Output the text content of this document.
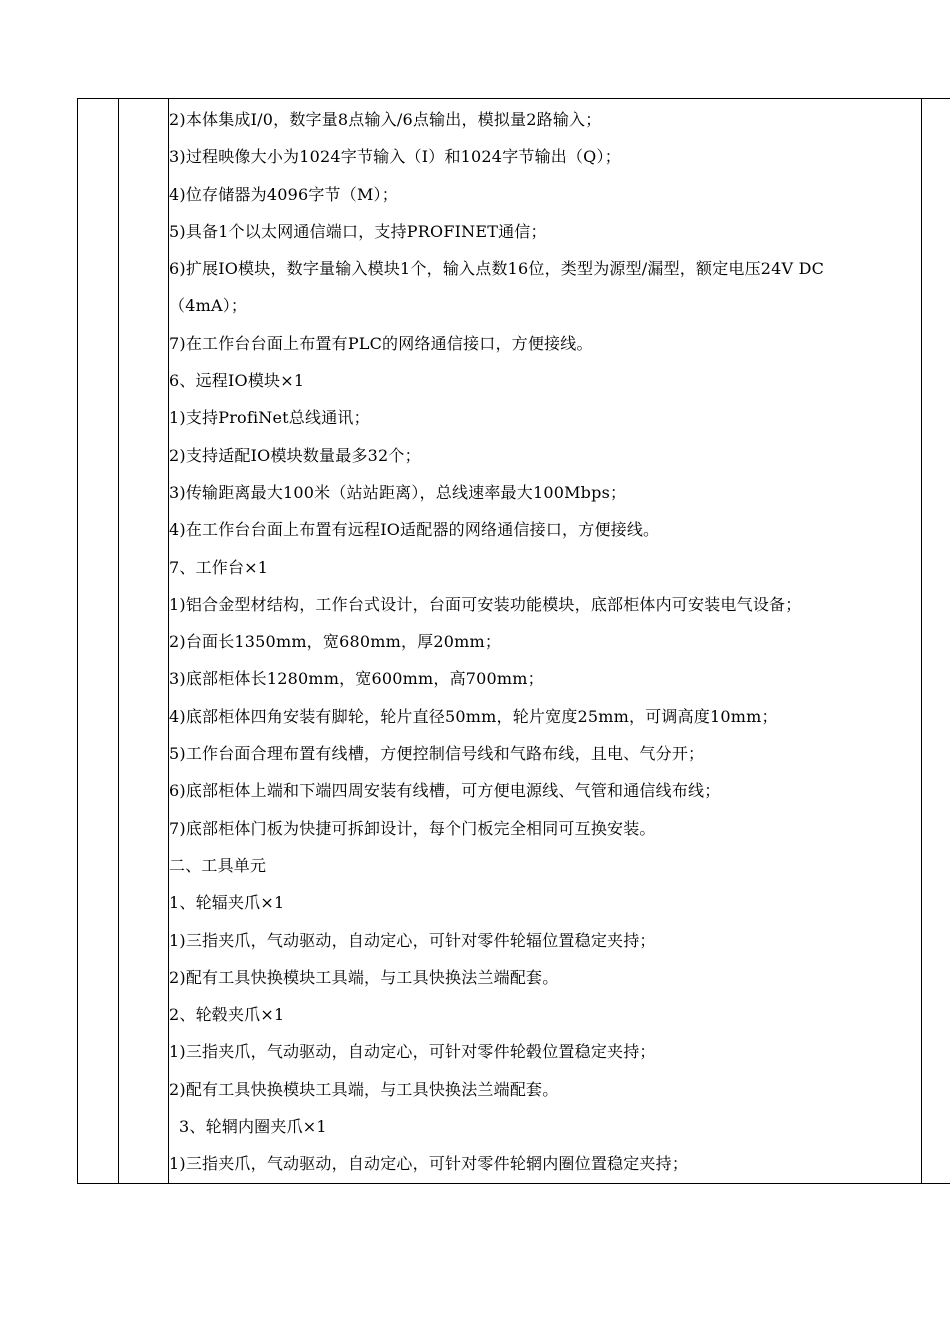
2)本体集成I/0，数字量8点输入/6点输出，模拟量2路输入；
3)过程映像大小为1024字节输入（I）和1024字节输出（Q）；
4)位存储器为4096字节（M）；
5)具备1个以太网通信端口，支持PROFINET通信；
6)扩展IO模块，数字量输入模块1个，输入点数16位，类型为源型/漏型，额定电压24V DC
（4mA）；
7)在工作台台面上布置有PLC的网络通信接口，方便接线。
6、远程IO模块×1
1)支持ProfiNet总线通讯；
2)支持适配IO模块数量最多32个；
3)传输距离最大100米（站站距离），总线速率最大100Mbps；
4)在工作台台面上布置有远程IO适配器的网络通信接口，方便接线。
7、工作台×1
1)铝合金型材结构，工作台式设计，台面可安装功能模块，底部柜体内可安装电气设备；
2)台面长1350mm，宽680mm，厚20mm；
3)底部柜体长1280mm，宽600mm，高700mm；
4)底部柜体四角安装有脚轮，轮片直径50mm，轮片宽度25mm，可调高度10mm；
5)工作台面合理布置有线槽，方便控制信号线和气路布线，且电、气分开；
6)底部柜体上端和下端四周安装有线槽，可方便电源线、气管和通信线布线；
7)底部柜体门板为快捷可拆卸设计，每个门板完全相同可互换安装。
二、工具单元
1、轮辐夹爪×1
1)三指夹爪，气动驱动，自动定心，可针对零件轮辐位置稳定夹持；
2)配有工具快换模块工具端，与工具快换法兰端配套。
2、轮毂夹爪×1
1)三指夹爪，气动驱动，自动定心，可针对零件轮毂位置稳定夹持；
2)配有工具快换模块工具端，与工具快换法兰端配套。
3、轮辋内圈夹爪×1
1)三指夹爪，气动驱动，自动定心，可针对零件轮辋内圈位置稳定夹持；
